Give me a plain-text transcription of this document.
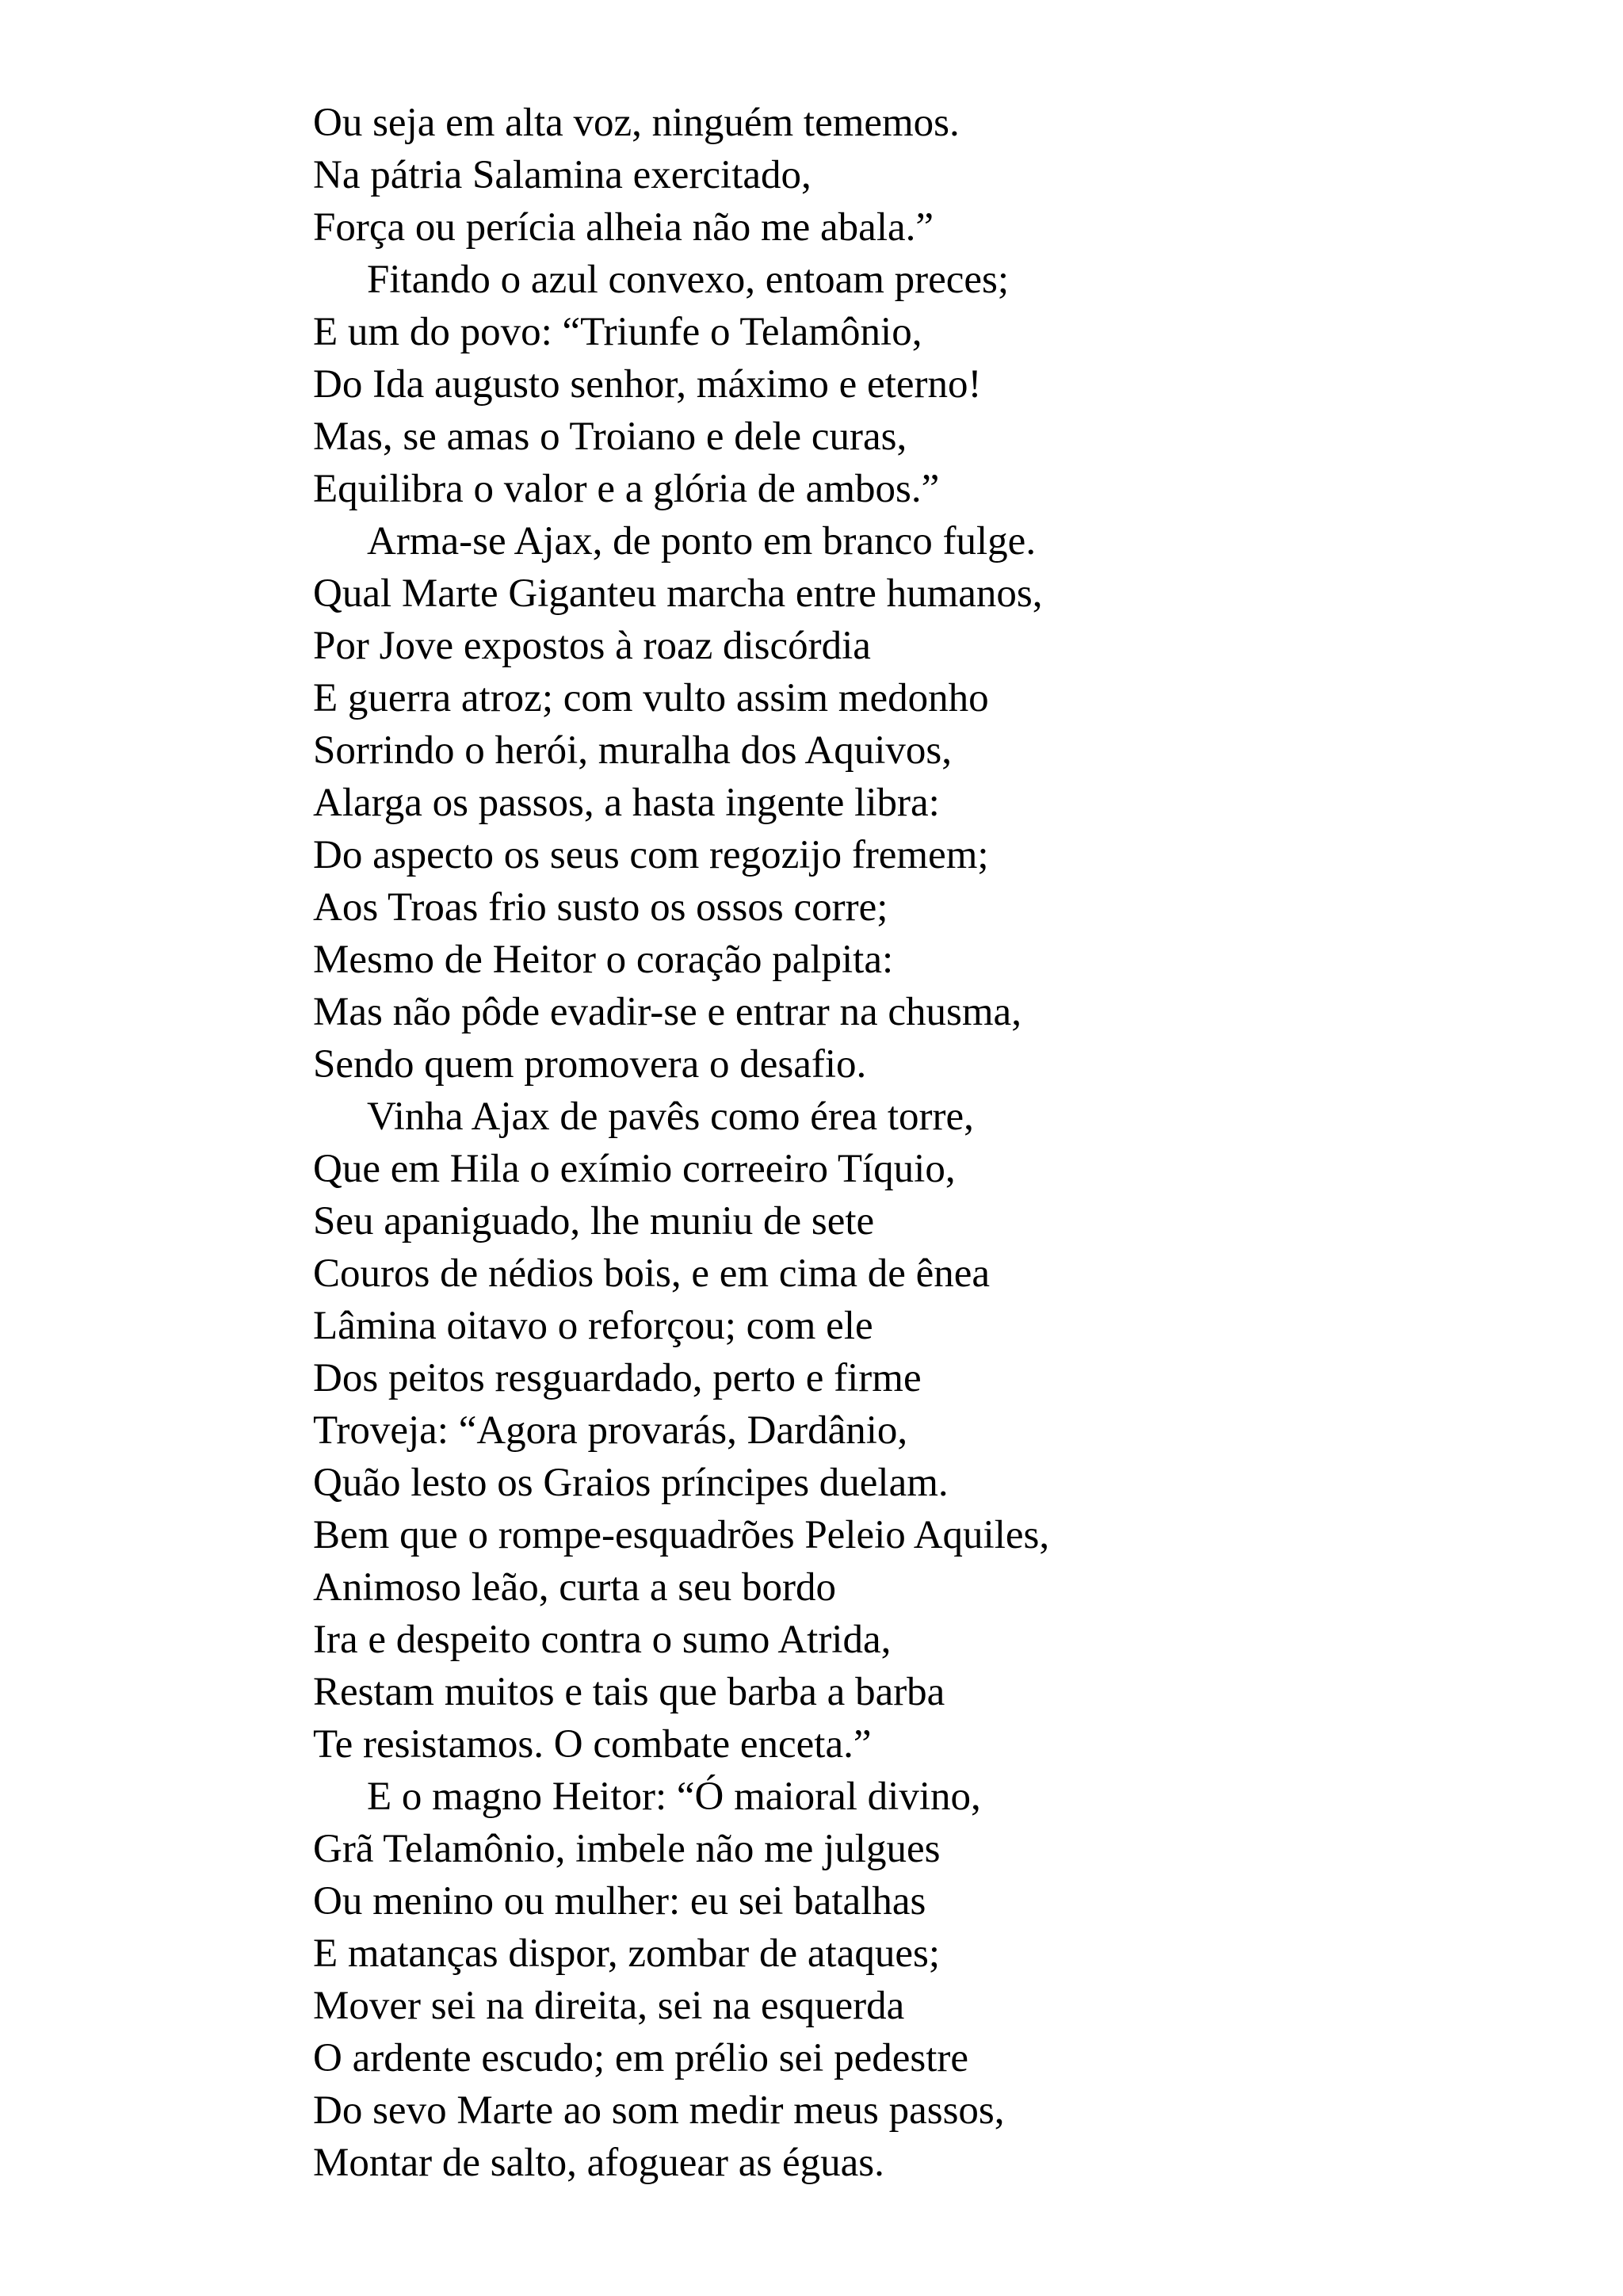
Ou seja em alta voz, ninguém tememos.
Na pátria Salamina exercitado,
Força ou perícia alheia não me abala.”
Fitando o azul convexo, entoam preces;
E um do povo: “Triunfe o Telamônio,
Do Ida augusto senhor, máximo e eterno!
Mas, se amas o Troiano e dele curas,
Equilibra o valor e a glória de ambos.”
Arma-se Ajax, de ponto em branco fulge.
Qual Marte Giganteu marcha entre humanos,
Por Jove expostos à roaz discórdia
E guerra atroz; com vulto assim medonho
Sorrindo o herói, muralha dos Aquivos,
Alarga os passos, a hasta ingente libra:
Do aspecto os seus com regozijo fremem;
Aos Troas frio susto os ossos corre;
Mesmo de Heitor o coração palpita:
Mas não pôde evadir-se e entrar na chusma,
Sendo quem promovera o desafio.
Vinha Ajax de pavês como érea torre,
Que em Hila o exímio correeiro Tíquio,
Seu apaniguado, lhe muniu de sete
Couros de nédios bois, e em cima de ênea
Lâmina oitavo o reforçou; com ele
Dos peitos resguardado, perto e firme
Troveja: “Agora provarás, Dardânio,
Quão lesto os Graios príncipes duelam.
Bem que o rompe-esquadrões Peleio Aquiles,
Animoso leão, curta a seu bordo
Ira e despeito contra o sumo Atrida,
Restam muitos e tais que barba a barba
Te resistamos. O combate enceta.”
E o magno Heitor: “Ó maioral divino,
Grã Telamônio, imbele não me julgues
Ou menino ou mulher: eu sei batalhas
E matanças dispor, zombar de ataques;
Mover sei na direita, sei na esquerda
O ardente escudo; em prélio sei pedestre
Do sevo Marte ao som medir meus passos,
Montar de salto, afoguear as éguas.
